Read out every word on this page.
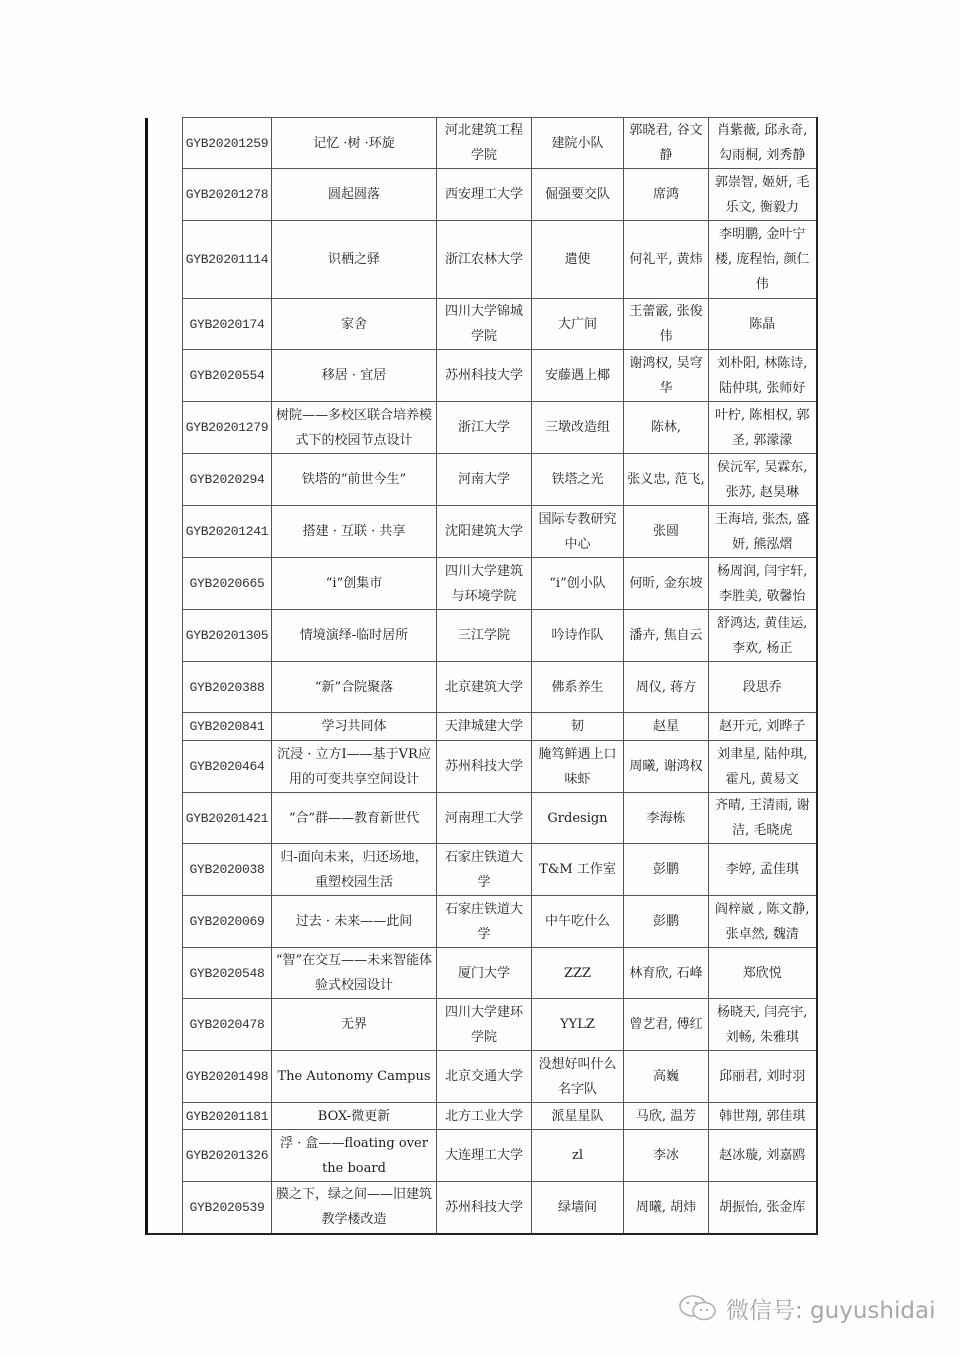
	GYB20201259	记忆 ·树 ·环旋	河北建筑工程学院	建院小队	郭晓君, 谷文静	肖紫薇, 邱永奇, 勾雨桐, 刘秀静
	GYB20201278	圆起圆落	西安理工大学	倔强要交队	席鸿	郭崇智, 姬妍, 毛乐文, 衡毅力
	GYB20201114	识栖之驿	浙江农林大学	遣使	何礼平, 黄炜	李明鹏, 金叶宁楼, 庞程怡, 颜仁伟
	GYB2020174	家舍	四川大学锦城学院	大广间	王蕾霰, 张俊伟	陈晶
	GYB2020554	移居 · 宜居	苏州科技大学	安藤遇上椰	谢鸿权, 吴穹华	刘朴阳, 林陈诗, 陆仲琪, 张师好
	GYB20201279	树院——多校区联合培养模式下的校园节点设计	浙江大学	三墩改造组	陈林,	叶柠, 陈相权, 郭圣, 郭濛濛
	GYB2020294	铁塔的“前世今生”	河南大学	铁塔之光	张义忠, 范飞,	侯沅军, 吴霖东, 张苏, 赵昊琳
	GYB20201241	搭建 · 互联 · 共享	沈阳建筑大学	国际专教研究中心	张圆	王海培, 张杰, 盛妍, 熊泓熠
	GYB2020665	“i”创集市	四川大学建筑与环境学院	“i”创小队	何昕, 金东坡	杨周润, 闫宇轩, 李胜美, 敬馨怡
	GYB20201305	情境演绎-临时居所	三江学院	吟诗作队	潘卉, 焦自云	舒鸿达, 黄佳运, 李欢, 杨正
	GYB2020388	“新”合院聚落	北京建筑大学	佛系养生	周仪, 蒋方	段思乔
	GYB2020841	学习共同体	天津城建大学	韧	赵星	赵开元, 刘晔子
	GYB2020464	沉浸 · 立方Ⅰ——基于VR应用的可变共享空间设计	苏州科技大学	腌笃鲜遇上口味虾	周曦, 谢鸿权	刘聿星, 陆仲琪, 霍凡, 黄易文
	GYB20201421	“合”群——教育新世代	河南理工大学	Grdesign	李海栋	齐晴, 王清雨, 谢洁, 毛晓虎
	GYB2020038	归-面向未来，归还场地，重塑校园生活	石家庄铁道大学	T&M 工作室	彭鹏	李婷, 孟佳琪
	GYB2020069	过去 · 未来——此间	石家庄铁道大学	中午吃什么	彭鹏	阎梓崴 , 陈文静, 张卓然, 魏清
	GYB2020548	“智”在交互——未来智能体验式校园设计	厦门大学	ZZZ	林育欣, 石峰	郑欣悦
	GYB2020478	无界	四川大学建环学院	YYLZ	曾艺君, 傅红	杨晓天, 闫亮宇, 刘畅, 朱雅琪
	GYB20201498	The Autonomy Campus	北京交通大学	没想好叫什么名字队	高巍	邱丽君, 刘时羽
	GYB20201181	BOX-微更新	北方工业大学	派星星队	马欣, 温芳	韩世翔, 郭佳琪
	GYB20201326	浮 · 盒——floating over the board	大连理工大学	zl	李冰	赵冰璇, 刘嘉鸥
	GYB2020539	膜之下，绿之间——旧建筑教学楼改造	苏州科技大学	绿墙间	周曦, 胡炜	胡振怡, 张金库
微信号: guyushidai
